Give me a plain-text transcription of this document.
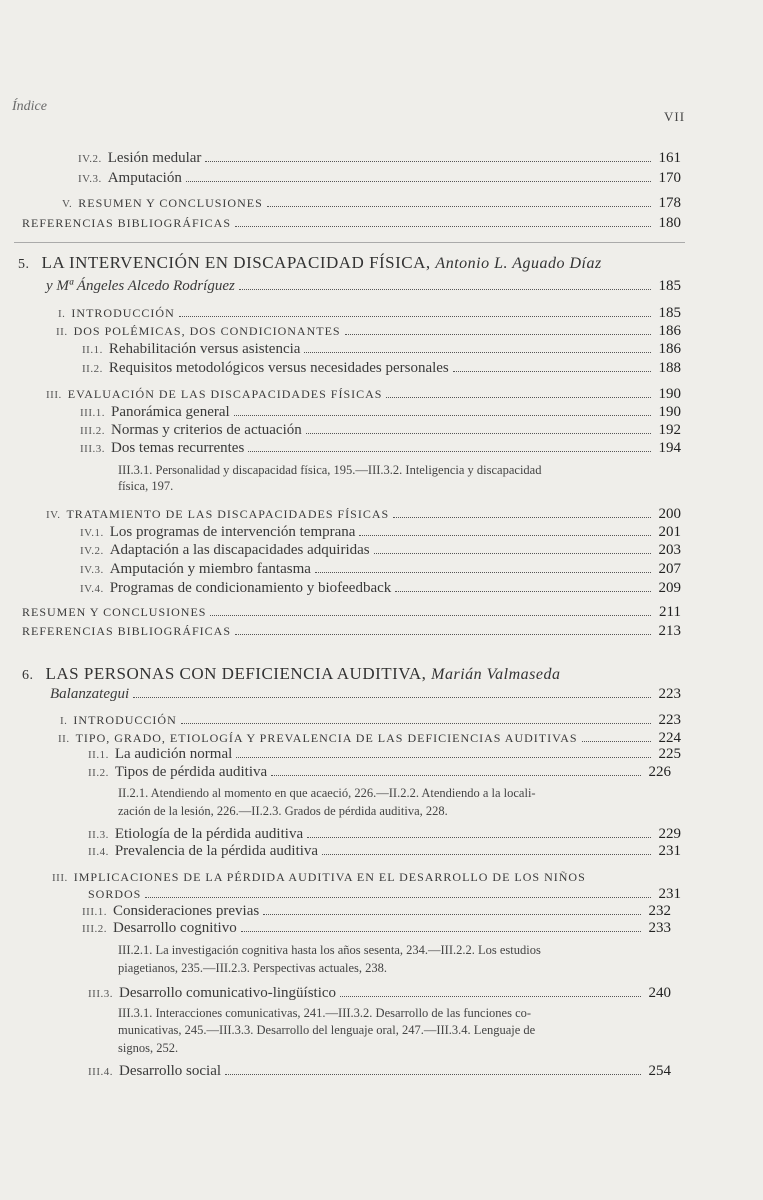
Índice
VII
IV.2. Lesión medular	161
IV.3. Amputación	170
V. RESUMEN Y CONCLUSIONES	178
REFERENCIAS BIBLIOGRÁFICAS	180
5. LA INTERVENCIÓN EN DISCAPACIDAD FÍSICA, Antonio L. Aguado Díaz
y Mª Ángeles Alcedo Rodríguez	185
I. INTRODUCCIÓN	185
II. DOS POLÉMICAS, DOS CONDICIONANTES	186
II.1. Rehabilitación versus asistencia	186
II.2. Requisitos metodológicos versus necesidades personales	188
III. EVALUACIÓN DE LAS DISCAPACIDADES FÍSICAS	190
III.1. Panorámica general	190
III.2. Normas y criterios de actuación	192
III.3. Dos temas recurrentes	194
III.3.1. Personalidad y discapacidad física, 195.—III.3.2. Inteligencia y discapacidad
física, 197.
IV. TRATAMIENTO DE LAS DISCAPACIDADES FÍSICAS	200
IV.1. Los programas de intervención temprana	201
IV.2. Adaptación a las discapacidades adquiridas	203
IV.3. Amputación y miembro fantasma	207
IV.4. Programas de condicionamiento y biofeedback	209
RESUMEN Y CONCLUSIONES	211
REFERENCIAS BIBLIOGRÁFICAS	213
6. LAS PERSONAS CON DEFICIENCIA AUDITIVA, Marián Valmaseda
Balanzategui	223
I. INTRODUCCIÓN	223
II. TIPO, GRADO, ETIOLOGÍA Y PREVALENCIA DE LAS DEFICIENCIAS AUDITIVAS	224
II.1. La audición normal	225
II.2. Tipos de pérdida auditiva	226
II.2.1. Atendiendo al momento en que acaeció, 226.—II.2.2. Atendiendo a la locali-
zación de la lesión, 226.—II.2.3. Grados de pérdida auditiva, 228.
II.3. Etiología de la pérdida auditiva	229
II.4. Prevalencia de la pérdida auditiva	231
III. IMPLICACIONES DE LA PÉRDIDA AUDITIVA EN EL DESARROLLO DE LOS NIÑOS
SORDOS	231
III.1. Consideraciones previas	232
III.2. Desarrollo cognitivo	233
III.2.1. La investigación cognitiva hasta los años sesenta, 234.—III.2.2. Los estudios
piagetianos, 235.—III.2.3. Perspectivas actuales, 238.
III.3. Desarrollo comunicativo-lingüístico	240
III.3.1. Interacciones comunicativas, 241.—III.3.2. Desarrollo de las funciones co-
municativas, 245.—III.3.3. Desarrollo del lenguaje oral, 247.—III.3.4. Lenguaje de
signos, 252.
III.4. Desarrollo social	254
